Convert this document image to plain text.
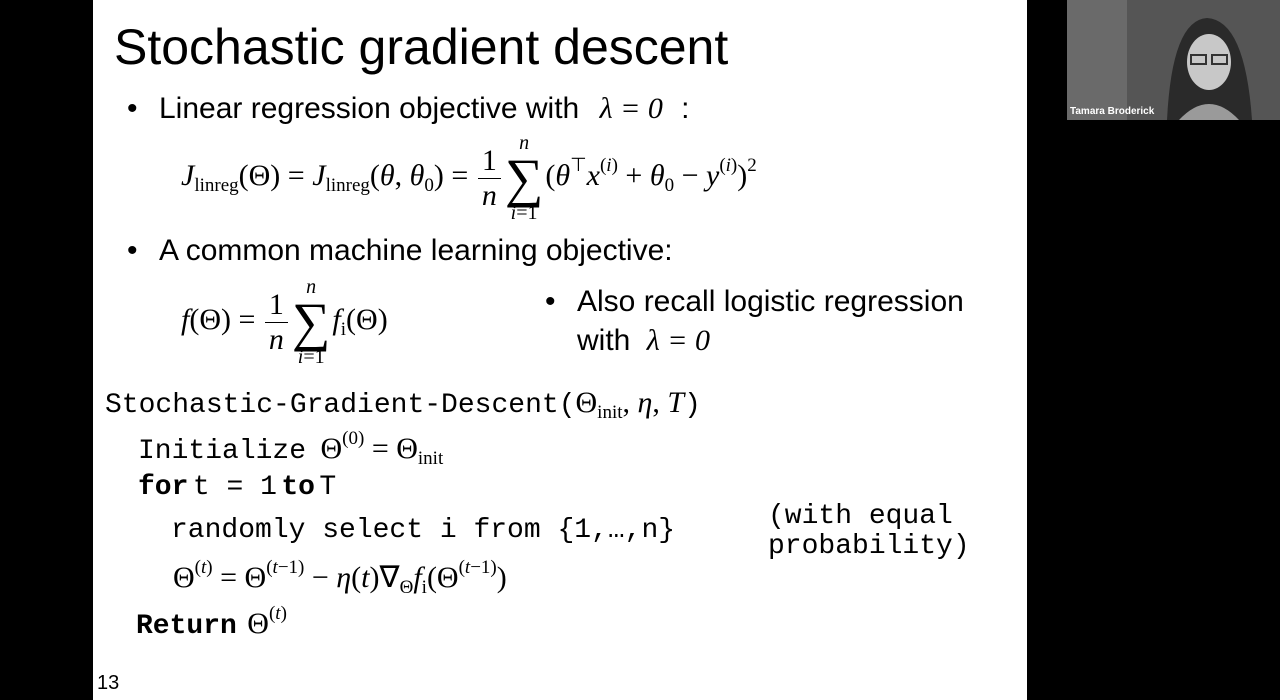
Stochastic gradient descent
• Linear regression objective with λ = 0 :
$J_{linreg}(\Theta) = J_{linreg}(\theta$, $\theta_0) = \frac{1}{n}$
n
∑
i=1
$(\theta^⊤x^{(i)} + \theta_0 - y^{(i)})^2$
• A common machine learning objective:
$f(\Theta) = \frac{1}{n}$
n
∑
i=1
$f_i(\Theta)$
• Also recall logistic regression
with λ = 0
Stochastic-$Gradient-Descent(\Theta_{init}$, η, T)
Initialize $\Theta^{(0)} = \Theta_{init}$
for t = 1 to T
randomly select i from {1,…,n}	(with equal
probability)
$\Theta^{(t)} = \Theta^{(t-1)} - \eta(t)\nabla_\Theta f_i(\Theta^{(t-1)})$
Return $\Theta^{(t)}$
13
Tamara Broderick
